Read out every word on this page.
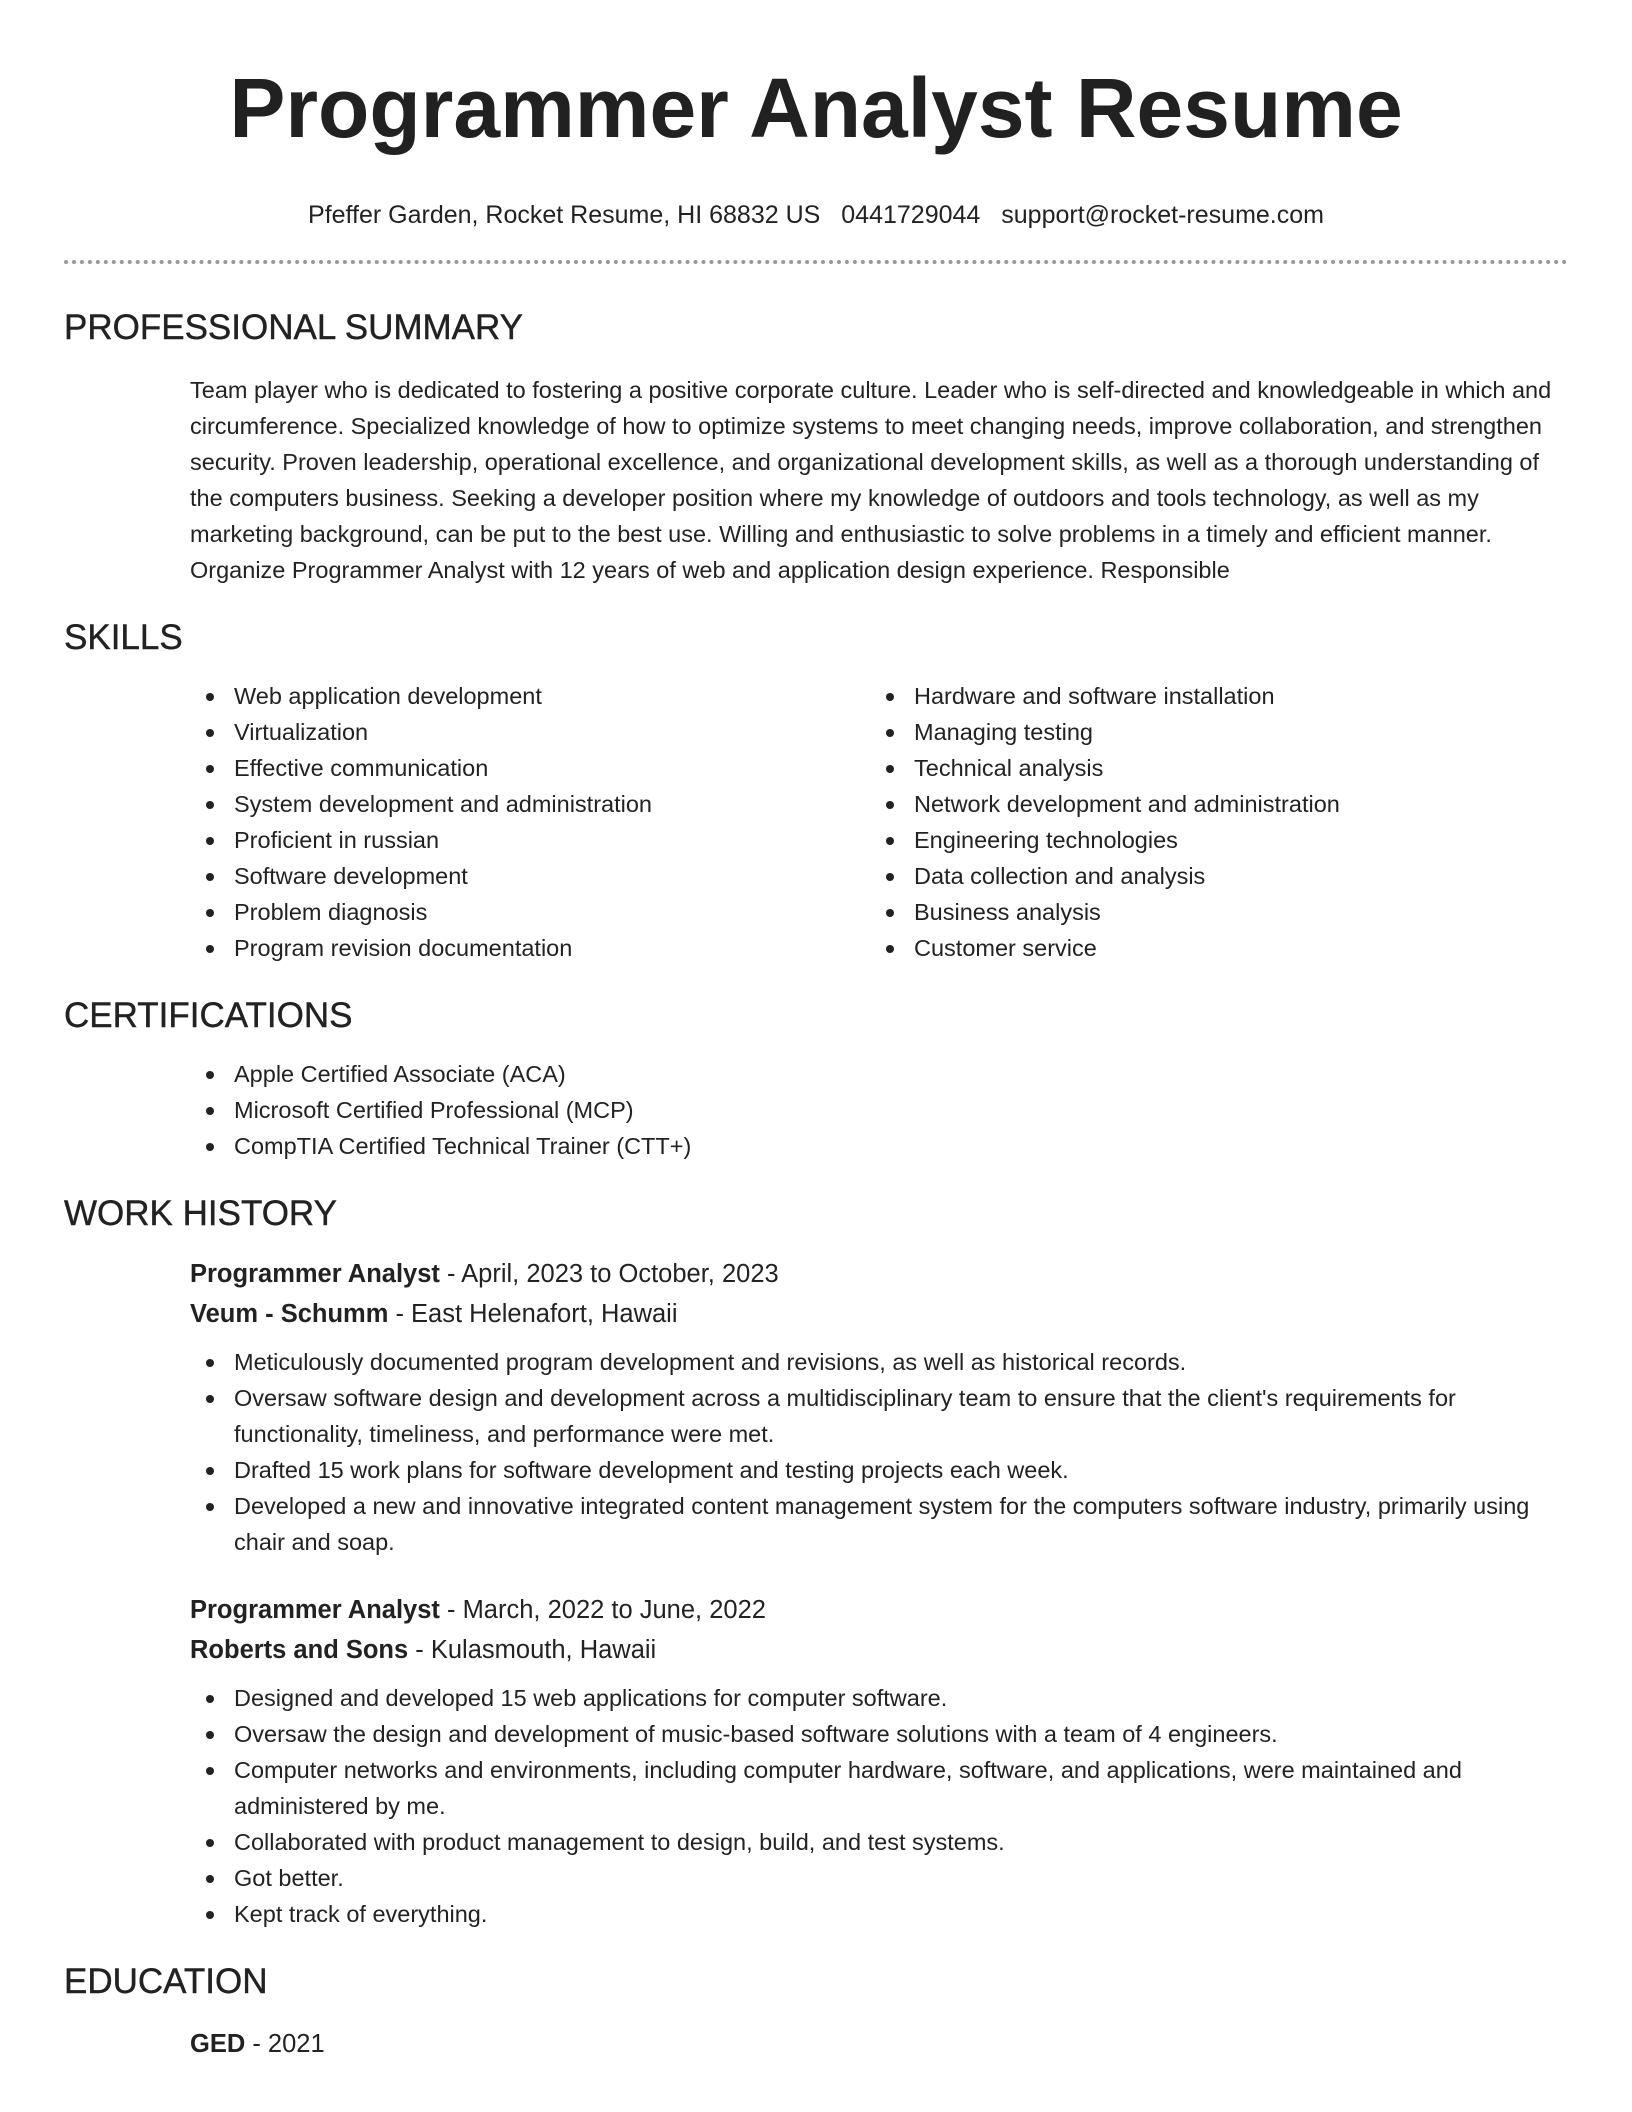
Programmer Analyst Resume
Pfeffer Garden, Rocket Resume, HI 68832 US 0441729044 support@rocket-resume.com
PROFESSIONAL SUMMARY
Team player who is dedicated to fostering a positive corporate culture. Leader who is self-directed and knowledgeable in which and circumference. Specialized knowledge of how to optimize systems to meet changing needs, improve collaboration, and strengthen security. Proven leadership, operational excellence, and organizational development skills, as well as a thorough understanding of the computers business. Seeking a developer position where my knowledge of outdoors and tools technology, as well as my marketing background, can be put to the best use. Willing and enthusiastic to solve problems in a timely and efficient manner. Organize Programmer Analyst with 12 years of web and application design experience. Responsible
SKILLS
Web application development
Virtualization
Effective communication
System development and administration
Proficient in russian
Software development
Problem diagnosis
Program revision documentation
Hardware and software installation
Managing testing
Technical analysis
Network development and administration
Engineering technologies
Data collection and analysis
Business analysis
Customer service
CERTIFICATIONS
Apple Certified Associate (ACA)
Microsoft Certified Professional (MCP)
CompTIA Certified Technical Trainer (CTT+)
WORK HISTORY
Programmer Analyst - April, 2023 to October, 2023
Veum - Schumm - East Helenafort, Hawaii
Meticulously documented program development and revisions, as well as historical records.
Oversaw software design and development across a multidisciplinary team to ensure that the client's requirements for functionality, timeliness, and performance were met.
Drafted 15 work plans for software development and testing projects each week.
Developed a new and innovative integrated content management system for the computers software industry, primarily using chair and soap.
Programmer Analyst - March, 2022 to June, 2022
Roberts and Sons - Kulasmouth, Hawaii
Designed and developed 15 web applications for computer software.
Oversaw the design and development of music-based software solutions with a team of 4 engineers.
Computer networks and environments, including computer hardware, software, and applications, were maintained and administered by me.
Collaborated with product management to design, build, and test systems.
Got better.
Kept track of everything.
EDUCATION
GED - 2021
